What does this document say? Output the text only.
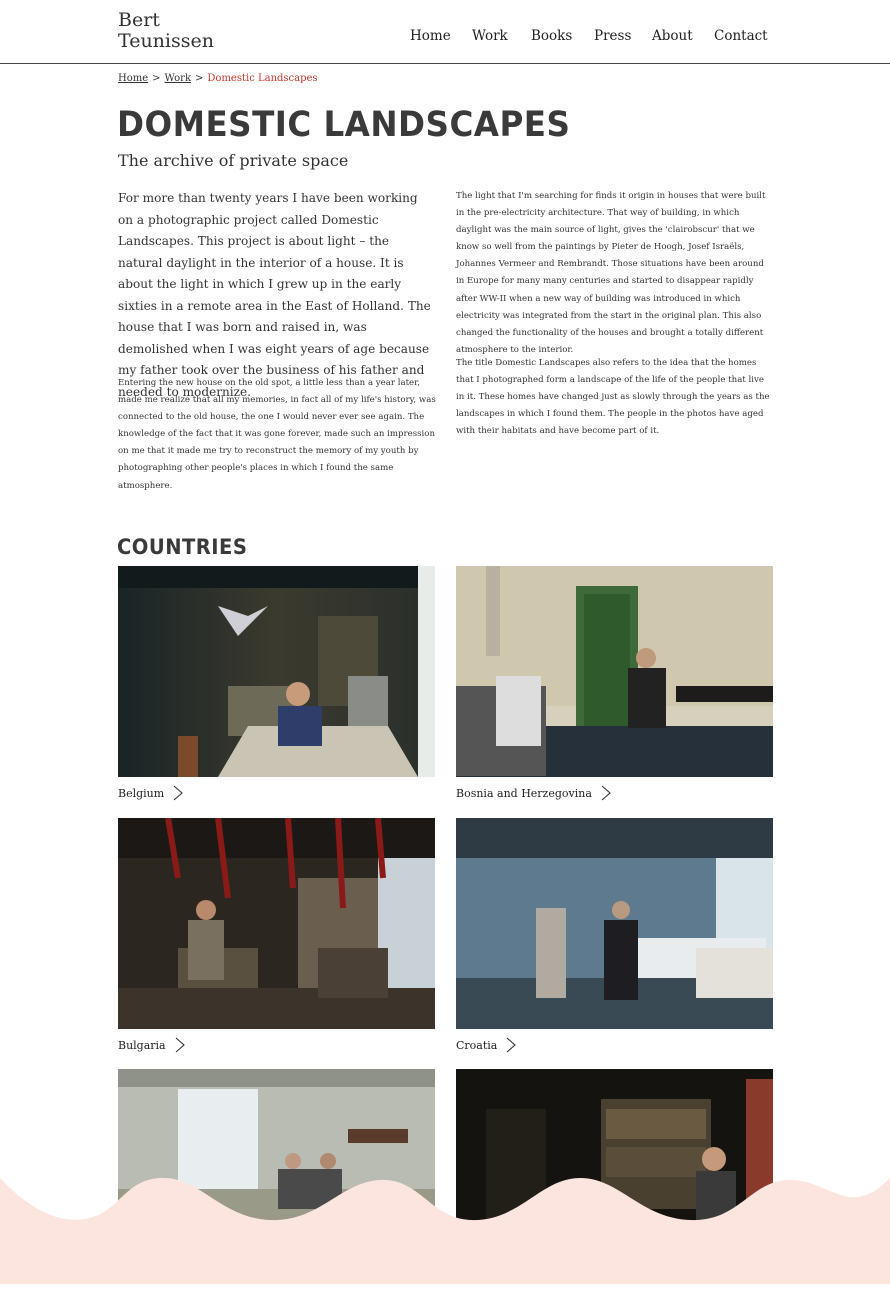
Bert
Teunissen	Home Work Books Press About Contact
Home > Work > Domestic Landscapes
DOMESTIC LANDSCAPES
The archive of private space

For more than twenty years I have been working on a photographic project called Domestic Landscapes. This project is about light – the natural daylight in the interior of a house. It is about the light in which I grew up in the early sixties in a remote area in the East of Holland. The house that I was born and raised in, was demolished when I was eight years of age because my father took over the business of his father and needed to modernize.

Entering the new house on the old spot, a little less than a year later, made me realize that all my memories, in fact all of my life's history, was connected to the old house, the one I would never ever see again. The knowledge of the fact that it was gone forever, made such an impression on me that it made me try to reconstruct the memory of my youth by photographing other people's places in which I found the same atmosphere.

The light that I'm searching for finds it origin in houses that were built in the pre-electricity architecture. That way of building, in which daylight was the main source of light, gives the 'clairobscur' that we know so well from the paintings by Pieter de Hoogh, Josef Israëls, Johannes Vermeer and Rembrandt. Those situations have been around in Europe for many many centuries and started to disappear rapidly after WW-II when a new way of building was introduced in which electricity was integrated from the start in the original plan. This also changed the functionality of the houses and brought a totally different atmosphere to the interior.

The title Domestic Landscapes also refers to the idea that the homes that I photographed form a landscape of the life of the people that live in it. These homes have changed just as slowly through the years as the landscapes in which I found them. The people in the photos have aged with their habitats and have become part of it.

COUNTRIES
Belgium	Bosnia and Herzegovina
Bulgaria	Croatia
